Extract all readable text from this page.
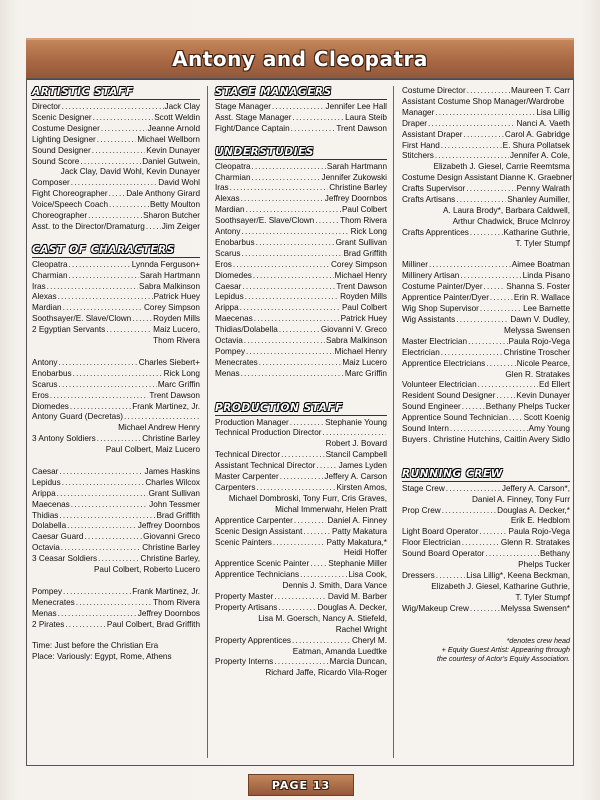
Antony and Cleopatra
ARTISTIC STAFF
Director .....	Jack Clay
Scenic Designer .....	Scott Weldin
Costume Designer .....	Jeanne Arnold
Lighting Designer .....	Michael Wellborn
Sound Designer .....	Kevin Dunayer
Sound Score .....	Daniel Gutwein,
Jack Clay, David Wohl, Kevin Dunayer
Composer .....	David Wohl
Fight Choreographer ..... Dale Anthony Girard
Voice/Speech Coach .....	Betty Moulton
Choreographer .....	Sharon Butcher
Asst. to the Director/Dramaturg ..... Jim Zeiger
CAST OF CHARACTERS
Cleopatra .....	Lynnda Ferguson+
Charmian .....	Sarah Hartmann
Iras .....	Sabra Malkinson
Alexas .....	Patrick Huey
Mardian .....	Corey Simpson
Soothsayer/E. Slave/Clown .....	Royden Mills
2 Egyptian Servants .....	Maiz Lucero,
Thom Rivera
Antony .....	Charles Siebert+
Enobarbus .....	Rick Long
Scarus .....	Marc Griffin
Eros .....	Trent Dawson
Diomedes .....	Frank Martinez, Jr.
Antony Guard (Decretas)
.....
Michael Andrew Henry
3 Antony Soldiers .....	Christine Barley
Paul Colbert, Maiz Lucero
Caesar .....	James Haskins
Lepidus .....	Charles Wilcox
Arippa .....	Grant Sullivan
Maecenas .....	John Tessmer
Thidias .....	Brad Griffith
Dolabella .....	Jeffrey Doornbos
Caesar Guard .....	Giovanni Greco
Octavia .....	Christine Barley
3 Ceasar Soldiers .....	Christine Barley,
Paul Colbert, Roberto Lucero
Pompey .....	Frank Martinez, Jr.
Menecrates .....	Thom Rivera
Menas .....	Jeffrey Doornbos
2 Pirates .....	Paul Colbert, Brad Griffith
Time: Just before the Christian Era
Place: Variously: Egypt, Rome, Athens
STAGE MANAGERS
Stage Manager .....	Jennifer Lee Hall
Asst. Stage Manager .....	Laura Steib
Fight/Dance Captain .....	Trent Dawson
UNDERSTUDIES
Cleopatra .....	Sarah Hartmann
Charmian .....	Jennifer Zukowski
Iras .....	Christine Barley
Alexas .....	Jeffrey Doornbos
Mardian .....	Paul Colbert
Soothsayer/E. Slave/Clown .....	Thom Rivera
Antony .....	Rick Long
Enobarbus .....	Grant Sullivan
Scarus .....	Brad Griffith
Eros .....	Corey Simpson
Diomedes .....	Michael Henry
Caesar .....	Trent Dawson
Lepidus .....	Royden Mills
Arippa .....	Paul Colbert
Maecenas .....	Patrick Huey
Thidias/Dolabella .....	Giovanni V. Greco
Octavia .....	Sabra Malkinson
Pompey .....	Michael Henry
Menecrates .....	Maiz Lucero
Menas .....	Marc Griffin
PRODUCTION STAFF
Production Manager .....	Stephanie Young
Technical Production Director
.....
Robert J. Bovard
Technical Director .....	Stancil Campbell
Assistant Technical Director .....	James Lyden
Master Carpenter .....	Jeffery A. Carson
Carpenters .....	Kirsten Amos,
Michael Dombroski, Tony Furr, Cris Graves,
Michal Immerwahr, Helen Pratt
Apprentice Carpenter .....	Daniel A. Finney
Scenic Design Assistant .....	Patty Makatura
Scenic Painters .....	Patty Makatura,*
Heidi Hoffer
Apprentice Scenic Painter ..... Stephanie Miller
Apprentice Technicians .....	Lisa Cook,
Dennis J. Smith, Dara Vance
Property Master .....	David M. Barber
Property Artisans .....	Douglas A. Decker,
Lisa M. Goersch, Nancy A. Stiefeld,
Rachel Wright
Property Apprentices .....	Cheryl M.
Eatman, Amanda Luedtke
Property Interns .....	Marcia Duncan,
Richard Jaffe, Ricardo Vila-Roger
Costume Director .....	Maureen T. Carr
Assistant Costume Shop Manager/Wardrobe
Manager .....	Lisa Lillig
Draper .....	Nanci A. Vaeth
Assistant Draper .....	Carol A. Gabridge
First Hand .....	E. Shura Pollatsek
Stitchers .....	Jennifer A. Cole,
Elizabeth J. Giesel, Carrie Reemtsma
Costume Design Assistant Dianne K. Graebner
Crafts Supervisor .....	Penny Walrath
Crafts Artisans .....	Shanley Aumiller,
A. Laura Brody*, Barbara Caldwell,
Arthur Chadwick, Bruce McInroy
Crafts Apprentices .....	Katharine Guthrie,
T. Tyler Stumpf
Milliner .....	Aimee Boatman
Millinery Artisan .....	Linda Pisano
Costume Painter/Dyer .....	Shanna S. Foster
Apprentice Painter/Dyer .....	Erin R. Wallace
Wig Shop Supervisor .....	Lee Barnette
Wig Assistants .....	Dawn V. Dudley,
Melyssa Swensen
Master Electrician .....	Paula Rojo-Vega
Electrician .....	Christine Troscher
Apprentice Electricians .....	Nicole Pearce,
Glen R. Stratakes
Volunteer Electrician .....	Ed Ellert
Resident Sound Designer .....	Kevin Dunayer
Sound Engineer .....	Bethany Phelps Tucker
Apprentice Sound Technician ..... Scott Koenig
Sound Intern .....	Amy Young
Buyers ..... Christine Hutchins, Caitlin Avery Sidlo
RUNNING CREW
Stage Crew .....	Jeffery A. Carson*,
Daniel A. Finney, Tony Furr
Prop Crew .....	Douglas A. Decker,*
Erik E. Hedblom
Light Board Operator .....	Paula Rojo-Vega
Floor Electrician .....	Glenn R. Stratakes
Sound Board Operator .....	Bethany
Phelps Tucker
Dressers .....	Lisa Lillig*, Keena Beckman,
Elizabeth J. Giesel, Katharine Guthrie,
T. Tyler Stumpf
Wig/Makeup Crew .....	Melyssa Swensen*
*denotes crew head
+ Equity Guest Artist: Appearing through
the courtesy of Actor's Equity Association.
PAGE 13
